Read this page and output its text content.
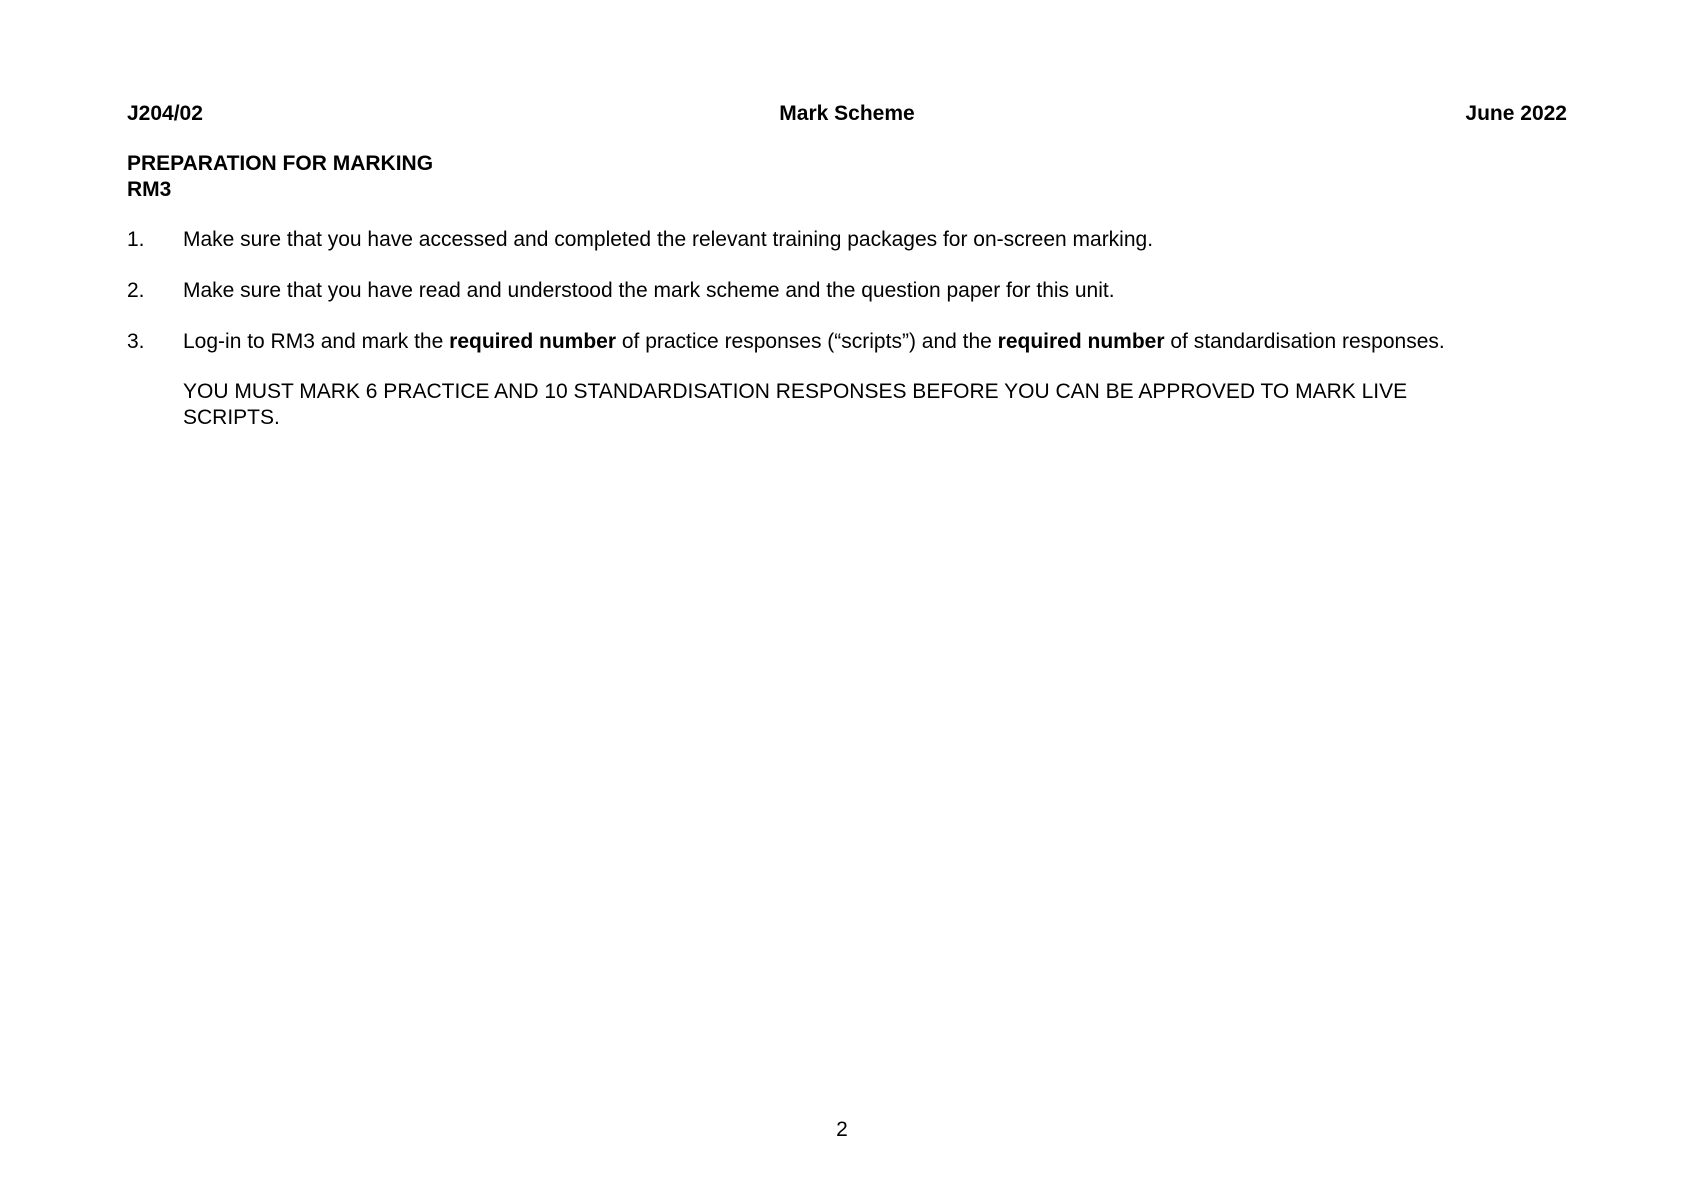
J204/02	Mark Scheme	June 2022
PREPARATION FOR MARKING
RM3
1. Make sure that you have accessed and completed the relevant training packages for on-screen marking.
2. Make sure that you have read and understood the mark scheme and the question paper for this unit.
3. Log-in to RM3 and mark the required number of practice responses (“scripts”) and the required number of standardisation responses.
YOU MUST MARK 6 PRACTICE AND 10 STANDARDISATION RESPONSES BEFORE YOU CAN BE APPROVED TO MARK LIVE SCRIPTS.
2
